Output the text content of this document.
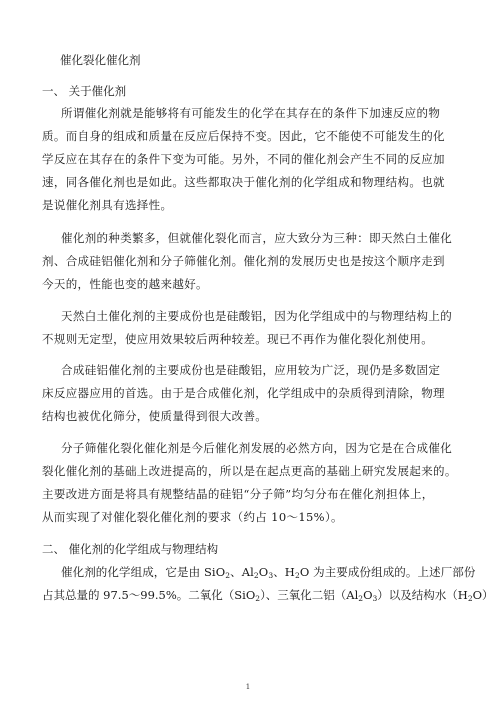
催化裂化催化剂
一、 关于催化剂
所谓催化剂就是能够将有可能发生的化学在其存在的条件下加速反应的物
质。而自身的组成和质量在反应后保持不变。因此，它不能使不可能发生的化
学反应在其存在的条件下变为可能。另外，不同的催化剂会产生不同的反应加
速，同各催化剂也是如此。这些都取决于催化剂的化学组成和物理结构。也就
是说催化剂具有选择性。
催化剂的种类繁多，但就催化裂化而言，应大致分为三种：即天然白土催化
剂、合成硅铝催化剂和分子筛催化剂。催化剂的发展历史也是按这个顺序走到
今天的，性能也变的越来越好。
天然白土催化剂的主要成份也是硅酸铝，因为化学组成中的与物理结构上的
不规则无定型，使应用效果较后两种较差。现已不再作为催化裂化剂使用。
合成硅铝催化剂的主要成份也是硅酸铝，应用较为广泛，现仍是多数固定
床反应器应用的首选。由于是合成催化剂，化学组成中的杂质得到清除，物理
结构也被优化筛分，使质量得到很大改善。
分子筛催化裂化催化剂是今后催化剂发展的必然方向，因为它是在合成催化
裂化催化剂的基础上改进提高的，所以是在起点更高的基础上研究发展起来的。
主要改进方面是将具有规整结晶的硅铝“分子筛”均匀分布在催化剂担体上，
从而实现了对催化裂化催化剂的要求（约占 10～15%）。
二、 催化剂的化学组成与物理结构
催化剂的化学组成，它是由 SiO$_2$、$Al_2O_3$、$H_2O$ 为主要成份组成的。上述厂部份
占其总量的 97.5～99.5%。二氧化（SiO$_2$）、三氧化二铝$(Al_2O_3)$以及结构水$(H_2O)$
1
